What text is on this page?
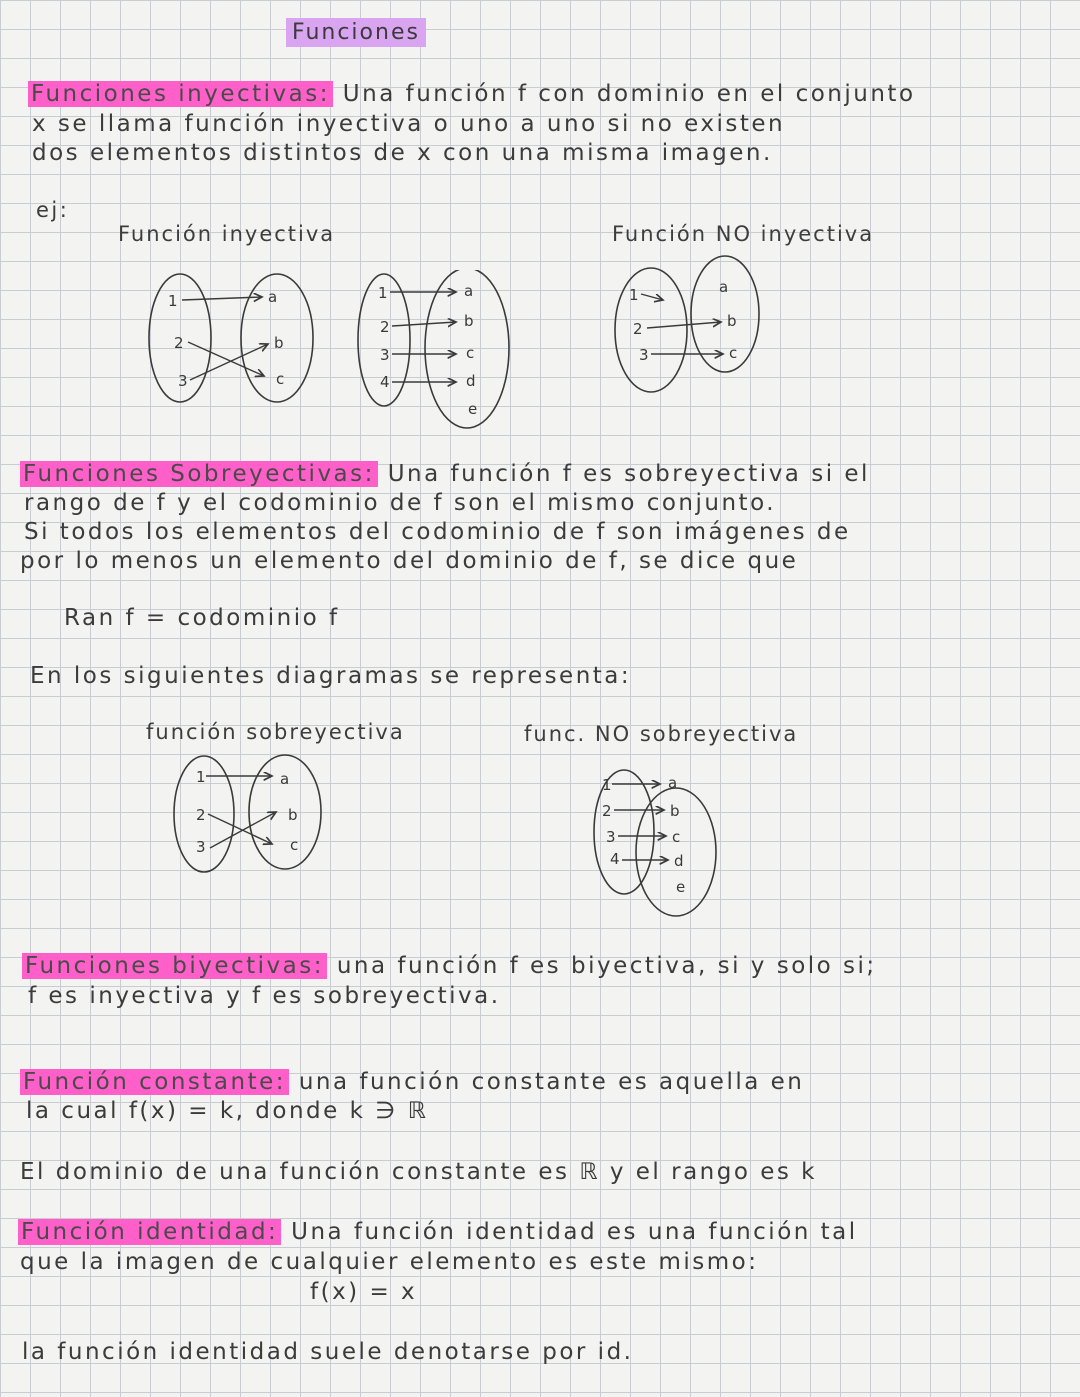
Funciones
Funciones inyectivas: Una función f con dominio en el conjunto
x se llama función inyectiva o uno a uno si no existen
dos elementos distintos de x con una misma imagen.
ej:
Función inyectiva	Función NO inyectiva
1
2
3
a
b
c
1
2
3
4
a
b
c
d
e
1
2
3
a
b
c
Funciones Sobreyectivas: Una función f es sobreyectiva si el
rango de f y el codominio de f son el mismo conjunto.
Si todos los elementos del codominio de f son imágenes de
por lo menos un elemento del dominio de f, se dice que
Ran f = codominio f
En los siguientes diagramas se representa:
función sobreyectiva	func. NO sobreyectiva
1
2
3
a
b
c
1
2
3
4
a
b
c
d
e
Funciones biyectivas: una función f es biyectiva, si y solo si;
f es inyectiva y f es sobreyectiva.
Función constante: una función constante es aquella en
la cual f(x) = k, donde k ∋ ℝ
El dominio de una función constante es ℝ y el rango es k
Función identidad: Una función identidad es una función tal
que la imagen de cualquier elemento es este mismo:
f(x) = x
la función identidad suele denotarse por id.
